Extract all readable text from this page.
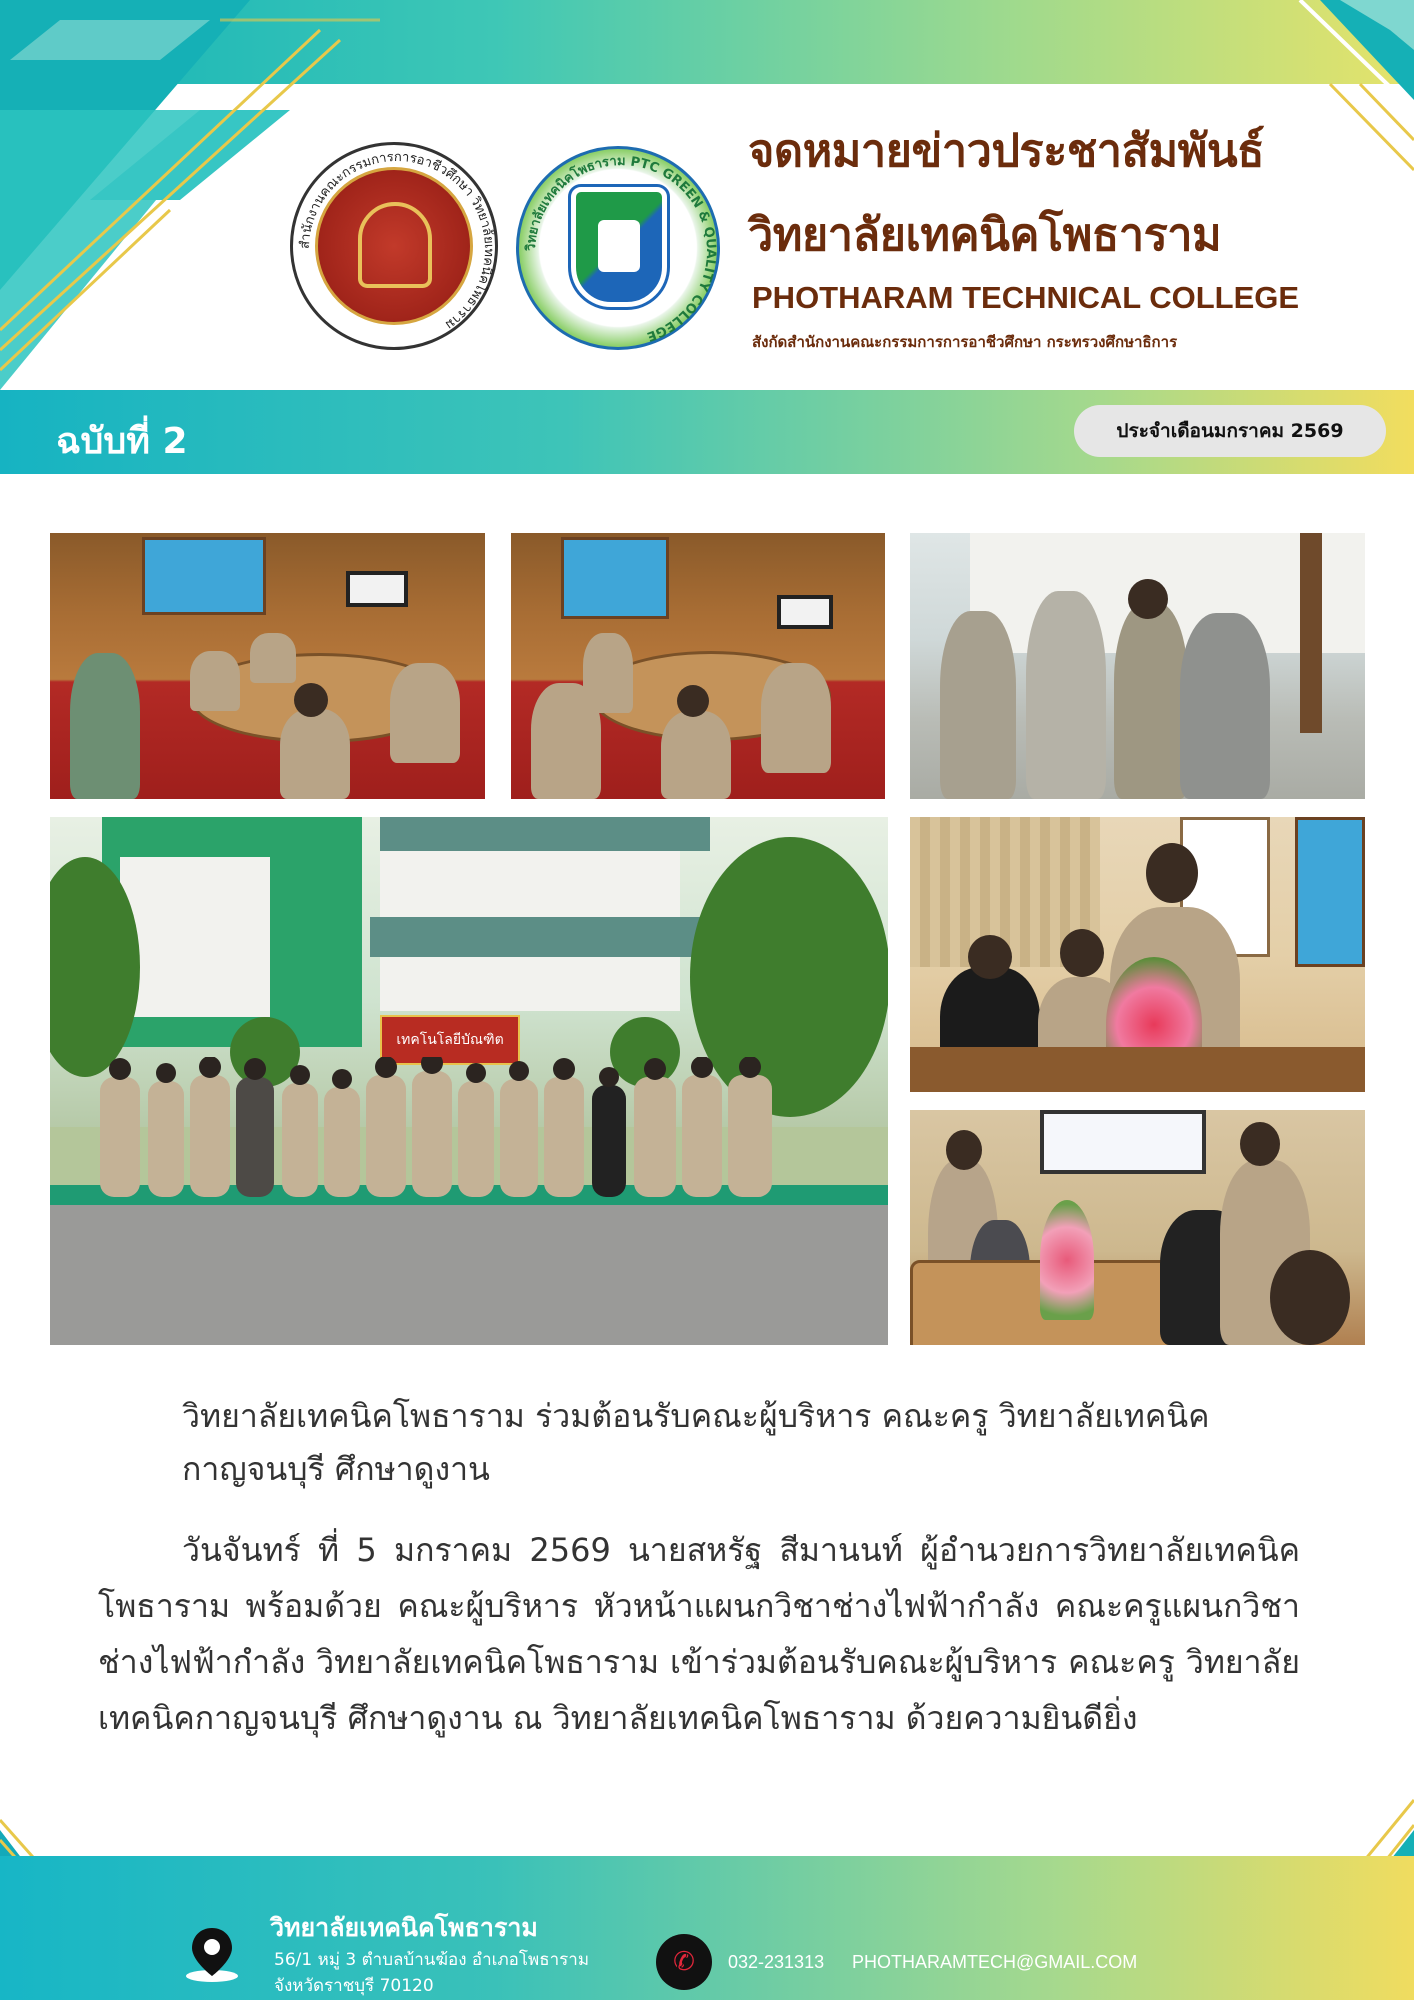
สำนักงานคณะกรรมการการอาชีวศึกษา วิทยาลัยเทคนิคโพธาราม
วิทยาลัยเทคนิคโพธาราม PTC GREEN & QUALITY COLLEGE
PTC
จดหมายข่าวประชาสัมพันธ์
วิทยาลัยเทคนิคโพธาราม
PHOTHARAM TECHNICAL COLLEGE
สังกัดสำนักงานคณะกรรมการการอาชีวศึกษา กระทรวงศึกษาธิการ
ฉบับที่ 2	ประจำเดือนมกราคม 2569
เทคโนโลยีบัณฑิต
วิทยาลัยเทคนิคโพธาราม ร่วมต้อนรับคณะผู้บริหาร คณะครู วิทยาลัยเทคนิคกาญจนบุรี ศึกษาดูงาน
วันจันทร์ ที่ 5 มกราคม 2569 นายสหรัฐ สีมานนท์ ผู้อำนวยการวิทยาลัยเทคนิคโพธาราม พร้อมด้วย คณะผู้บริหาร หัวหน้าแผนกวิชาช่างไฟฟ้ากำลัง คณะครูแผนกวิชาช่างไฟฟ้ากำลัง วิทยาลัยเทคนิคโพธาราม เข้าร่วมต้อนรับคณะผู้บริหาร คณะครู วิทยาลัยเทคนิคกาญจนบุรี ศึกษาดูงาน ณ วิทยาลัยเทคนิคโพธาราม ด้วยความยินดียิ่ง
วิทยาลัยเทคนิคโพธาราม
56/1 หมู่ 3 ตำบลบ้านฆ้อง อำเภอโพธาราม
จังหวัดราชบุรี 70120
✆	032-231313 PHOTHARAMTECH@GMAIL.COM
